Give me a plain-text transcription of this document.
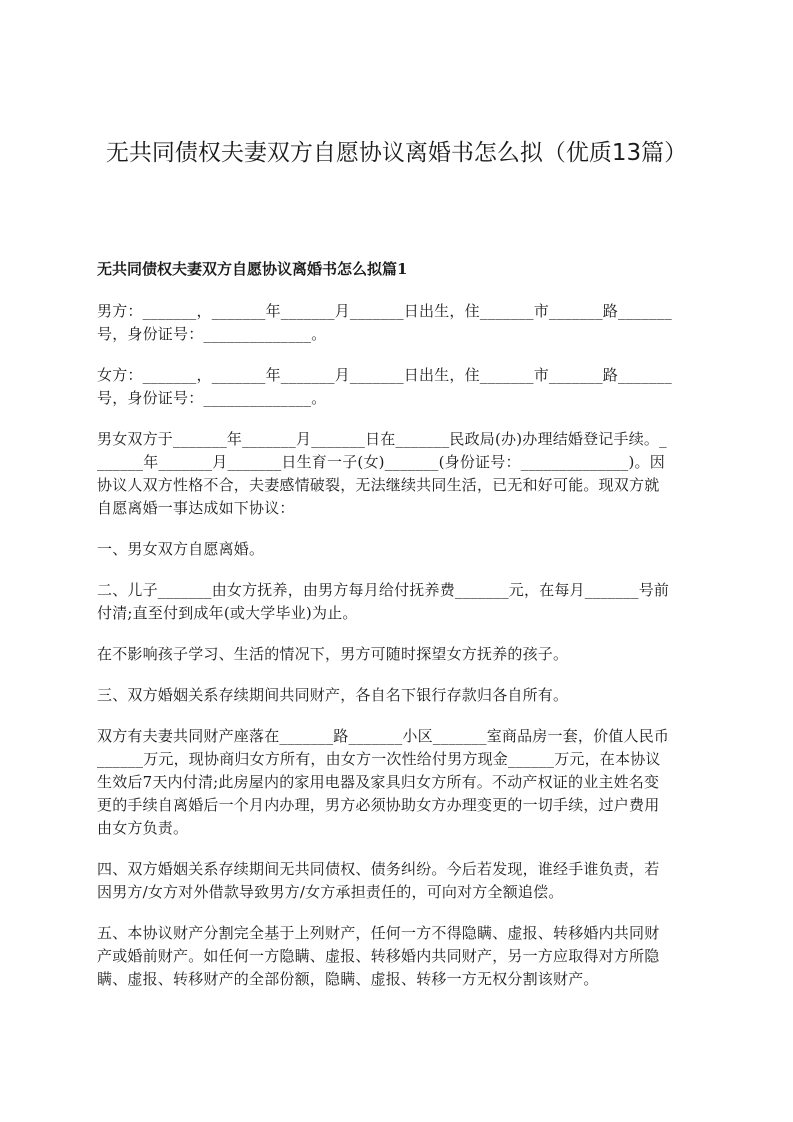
无共同债权夫妻双方自愿协议离婚书怎么拟（优质13篇）
无共同债权夫妻双方自愿协议离婚书怎么拟篇1

男方：_______，_______年_______月_______日出生，住_______市_______路_______
号，身份证号：______________。

女方：_______，_______年_______月_______日出生，住_______市_______路_______
号，身份证号：______________。

男女双方于_______年_______月_______日在_______民政局(办)办理结婚登记手续。_
______年_______月_______日生育一子(女)_______(身份证号：______________)。因
协议人双方性格不合，夫妻感情破裂，无法继续共同生活，已无和好可能。现双方就
自愿离婚一事达成如下协议：

一、男女双方自愿离婚。

二、儿子_______由女方抚养，由男方每月给付抚养费_______元，在每月_______号前
付清;直至付到成年(或大学毕业)为止。

在不影响孩子学习、生活的情况下，男方可随时探望女方抚养的孩子。

三、双方婚姻关系存续期间共同财产，各自名下银行存款归各自所有。

双方有夫妻共同财产座落在_______路_______小区_______室商品房一套，价值人民币
______万元，现协商归女方所有，由女方一次性给付男方现金______万元，在本协议
生效后7天内付清;此房屋内的家用电器及家具归女方所有。不动产权证的业主姓名变
更的手续自离婚后一个月内办理，男方必须协助女方办理变更的一切手续，过户费用
由女方负责。

四、双方婚姻关系存续期间无共同债权、债务纠纷。今后若发现，谁经手谁负责，若
因男方/女方对外借款导致男方/女方承担责任的，可向对方全额追偿。

五、本协议财产分割完全基于上列财产，任何一方不得隐瞒、虚报、转移婚内共同财
产或婚前财产。如任何一方隐瞒、虚报、转移婚内共同财产，另一方应取得对方所隐
瞒、虚报、转移财产的全部份额，隐瞒、虚报、转移一方无权分割该财产。
